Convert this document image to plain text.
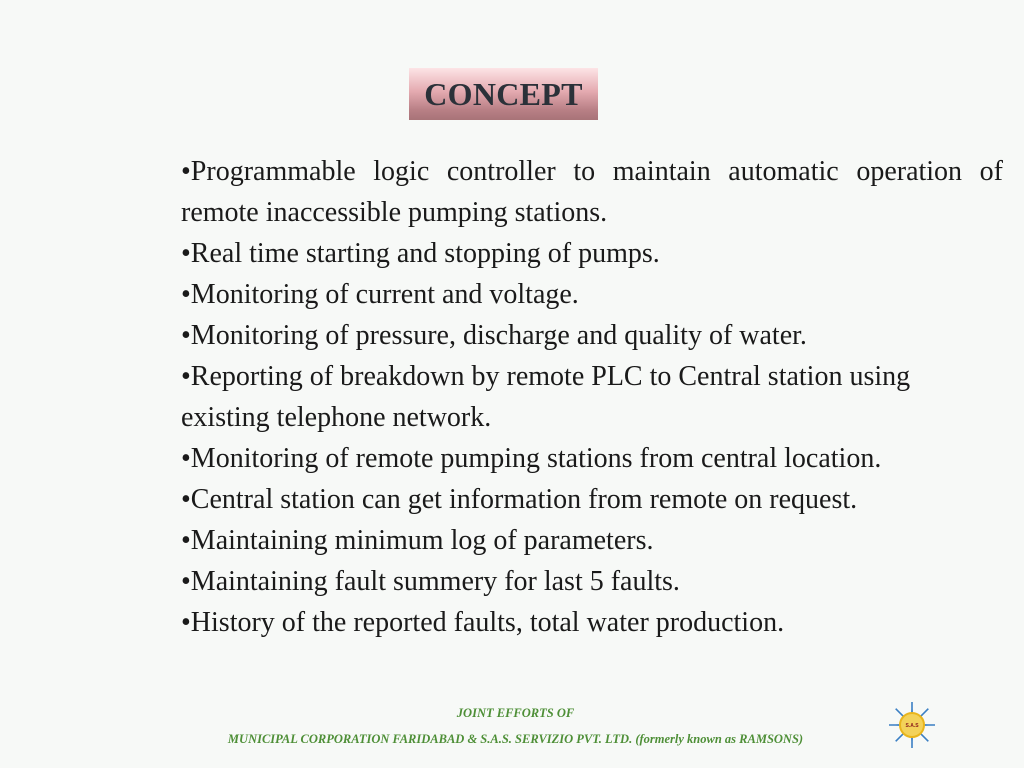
CONCEPT
•Programmable logic controller to maintain automatic operation of remote inaccessible pumping stations.
•Real time starting and stopping of pumps.
•Monitoring of current and voltage.
•Monitoring of pressure, discharge and quality of water.
•Reporting of breakdown by remote PLC to Central station using existing telephone network.
•Monitoring of remote pumping stations from central location.
•Central station can get information from remote on request.
•Maintaining minimum log of parameters.
•Maintaining fault summery for last 5 faults.
•History of the reported faults, total water production.
JOINT EFFORTS OF
MUNICIPAL CORPORATION FARIDABAD & S.A.S. SERVIZIO PVT. LTD. (formerly known as RAMSONS)
S.A.S
